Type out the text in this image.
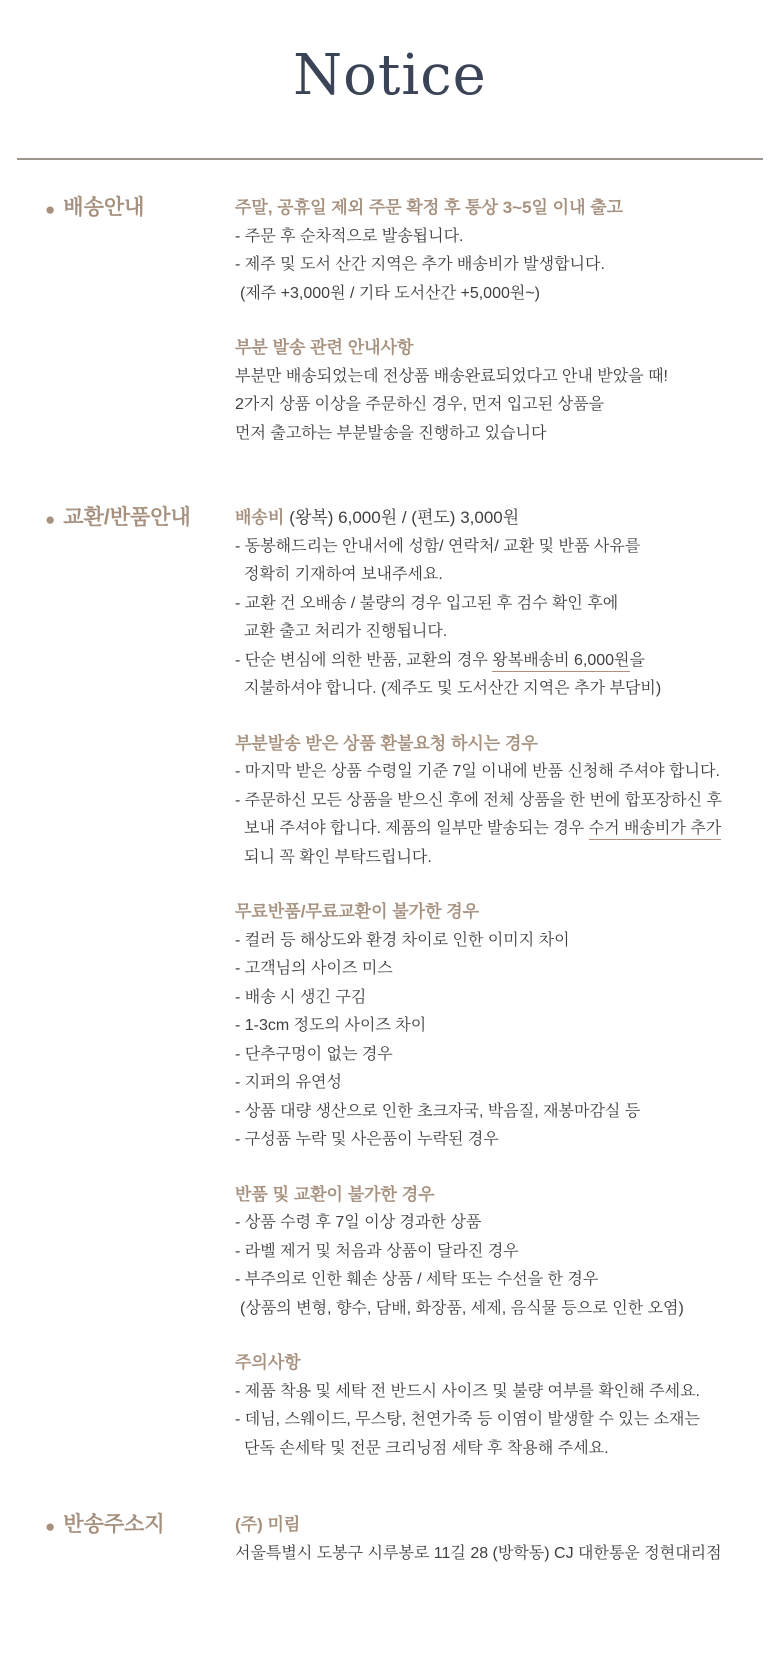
Notice
● 배송안내	주말, 공휴일 제외 주문 확정 후 통상 3~5일 이내 출고
- 주문 후 순차적으로 발송됩니다.
- 제주 및 도서 산간 지역은 추가 배송비가 발생합니다.
(제주 +3,000원 / 기타 도서산간 +5,000원~)
부분 발송 관련 안내사항
부분만 배송되었는데 전상품 배송완료되었다고 안내 받았을 때!
2가지 상품 이상을 주문하신 경우, 먼저 입고된 상품을
먼저 출고하는 부분발송을 진행하고 있습니다
● 교환/반품안내	배송비 (왕복) 6,000원 / (편도) 3,000원
- 동봉해드리는 안내서에 성함/ 연락처/ 교환 및 반품 사유를
정확히 기재하여 보내주세요.
- 교환 건 오배송 / 불량의 경우 입고된 후 검수 확인 후에
교환 출고 처리가 진행됩니다.
- 단순 변심에 의한 반품, 교환의 경우 왕복배송비 6,000원을
지불하셔야 합니다. (제주도 및 도서산간 지역은 추가 부담비)
부분발송 받은 상품 환불요청 하시는 경우
- 마지막 받은 상품 수령일 기준 7일 이내에 반품 신청해 주셔야 합니다.
- 주문하신 모든 상품을 받으신 후에 전체 상품을 한 번에 합포장하신 후
보내 주셔야 합니다. 제품의 일부만 발송되는 경우 수거 배송비가 추가
되니 꼭 확인 부탁드립니다.
무료반품/무료교환이 불가한 경우
- 컬러 등 해상도와 환경 차이로 인한 이미지 차이
- 고객님의 사이즈 미스
- 배송 시 생긴 구김
- 1-3cm 정도의 사이즈 차이
- 단추구멍이 없는 경우
- 지퍼의 유연성
- 상품 대량 생산으로 인한 초크자국, 박음질, 재봉마감실 등
- 구성품 누락 및 사은품이 누락된 경우
반품 및 교환이 불가한 경우
- 상품 수령 후 7일 이상 경과한 상품
- 라벨 제거 및 처음과 상품이 달라진 경우
- 부주의로 인한 훼손 상품 / 세탁 또는 수선을 한 경우
(상품의 변형, 향수, 담배, 화장품, 세제, 음식물 등으로 인한 오염)
주의사항
- 제품 착용 및 세탁 전 반드시 사이즈 및 불량 여부를 확인해 주세요.
- 데님, 스웨이드, 무스탕, 천연가죽 등 이염이 발생할 수 있는 소재는
단독 손세탁 및 전문 크리닝점 세탁 후 착용해 주세요.
● 반송주소지	(주) 미림
서울특별시 도봉구 시루봉로 11길 28 (방학동) CJ 대한통운 정현대리점
